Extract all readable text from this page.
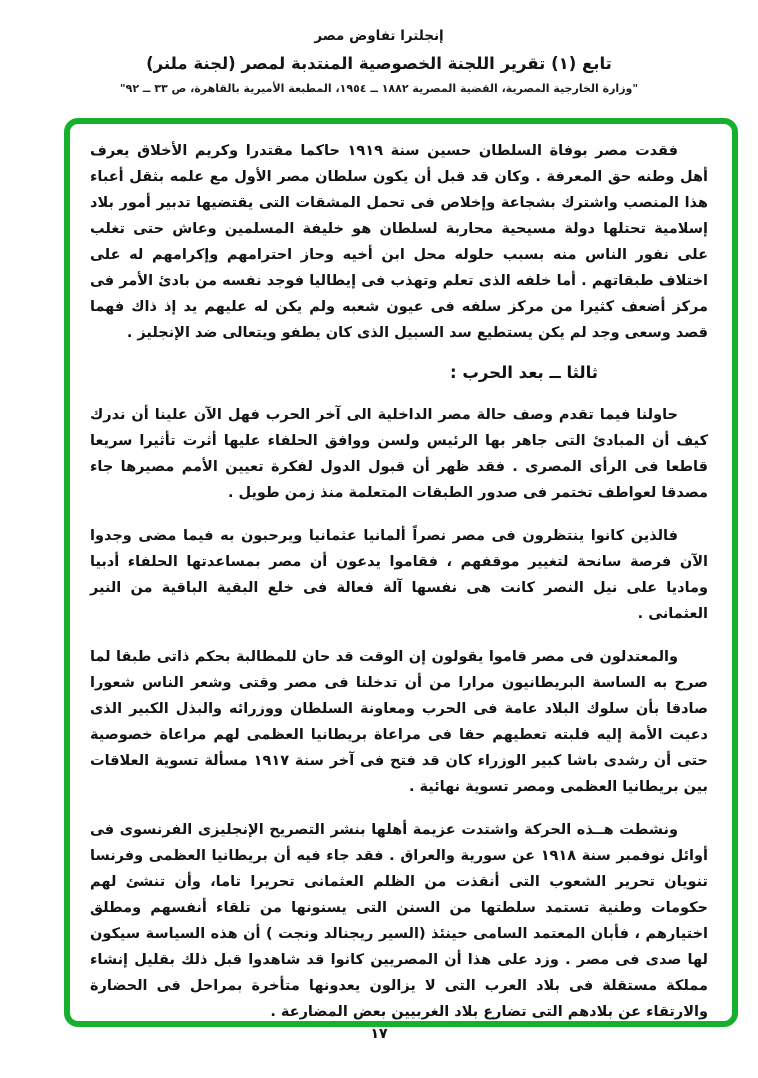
إنجلترا تفاوض مصر
تابع (١) تقرير اللجنة الخصوصية المنتدبة لمصر (لجنة ملنر)
"وزارة الخارجية المصرية، القضية المصرية ١٨٨٢ ــ ١٩٥٤، المطبعة الأميرية بالقاهرة، ص ٣٣ ــ ٩٢"

فقدت مصر بوفاة السلطان حسين سنة ١٩١٩ حاكما مقتدرا وكريم الأخلاق يعرف أهل وطنه حق المعرفة . وكان قد قبل أن يكون سلطان مصر الأول مع علمه بثقل أعباء هذا المنصب واشترك بشجاعة وإخلاص فى تحمل المشقات التى يقتضيها تدبير أمور بلاد إسلامية تحتلها دولة مسيحية محاربة لسلطان هو خليفة المسلمين وعاش حتى تغلب على نفور الناس منه بسبب حلوله محل ابن أخيه وحاز احترامهم وإكرامهم له على اختلاف طبقاتهم . أما خلفه الذى تعلم وتهذب فى إيطاليا فوجد نفسه من بادئ الأمر فى مركز أضعف كثيرا من مركز سلفه فى عيون شعبه ولم يكن له عليهم يد إذ ذاك فهما قصد وسعى وجد لم يكن يستطيع سد السبيل الذى كان يطفو ويتعالى ضد الإنجليز .

ثالثا ــ بعد الحرب :

حاولنا فيما تقدم وصف حالة مصر الداخلية الى آخر الحرب فهل الآن علينا أن ندرك كيف أن المبادئ التى جاهر بها الرئيس ولسن ووافق الحلفاء عليها أثرت تأثيرا سريعا قاطعا فى الرأى المصرى . فقد ظهر أن قبول الدول لفكرة تعيين الأمم مصيرها جاء مصدقا لعواطف تختمر فى صدور الطبقات المتعلمة منذ زمن طويل .

فالذين كانوا ينتظرون فى مصر نصراً ألمانيا عثمانيا ويرحبون به فيما مضى وجدوا الآن فرصة سانحة لتغيير موقفهم ، فقاموا يدعون أن مصر بمساعدتها الحلفاء أدبيا وماديا على نيل النصر كانت هى نفسها آلة فعالة فى خلع البقية الباقية من النير العثمانى .

والمعتدلون فى مصر قاموا يقولون إن الوقت قد حان للمطالبة بحكم ذاتى طبقا لما صرح به الساسة البريطانيون مرارا من أن تدخلنا فى مصر وقتى وشعر الناس شعورا صادقا بأن سلوك البلاد عامة فى الحرب ومعاونة السلطان ووزرائه والبذل الكبير الذى دعيت الأمة إليه فلبته تعطيهم حقا فى مراعاة بريطانيا العظمى لهم مراعاة خصوصية حتى أن رشدى باشا كبير الوزراء كان قد فتح فى آخر سنة ١٩١٧ مسألة تسوية العلاقات بين بريطانيا العظمى ومصر تسوية نهائية .

ونشطت هــذه الحركة واشتدت عزيمة أهلها بنشر التصريح الإنجليزى الفرنسوى فى أوائل نوفمبر سنة ١٩١٨ عن سورية والعراق . فقد جاء فيه أن بريطانيا العظمى وفرنسا تنويان تحرير الشعوب التى أنقذت من الظلم العثمانى تحريرا تاما، وأن تنشئ لهم حكومات وطنية تستمد سلطتها من السنن التى يسنونها من تلقاء أنفسهم ومطلق اختيارهم ، فأبان المعتمد السامى حينئذ (السير ريجنالد ونجت ) أن هذه السياسة سيكون لها صدى فى مصر . وزد على هذا أن المصريين كانوا قد شاهدوا قبل ذلك بقليل إنشاء مملكة مستقلة فى بلاد العرب التى لا يزالون يعدونها متأخرة بمراحل فى الحضارة والارتقاء عن بلادهم التى تضارع بلاد الغربيين بعض المضارعة .

١٧
